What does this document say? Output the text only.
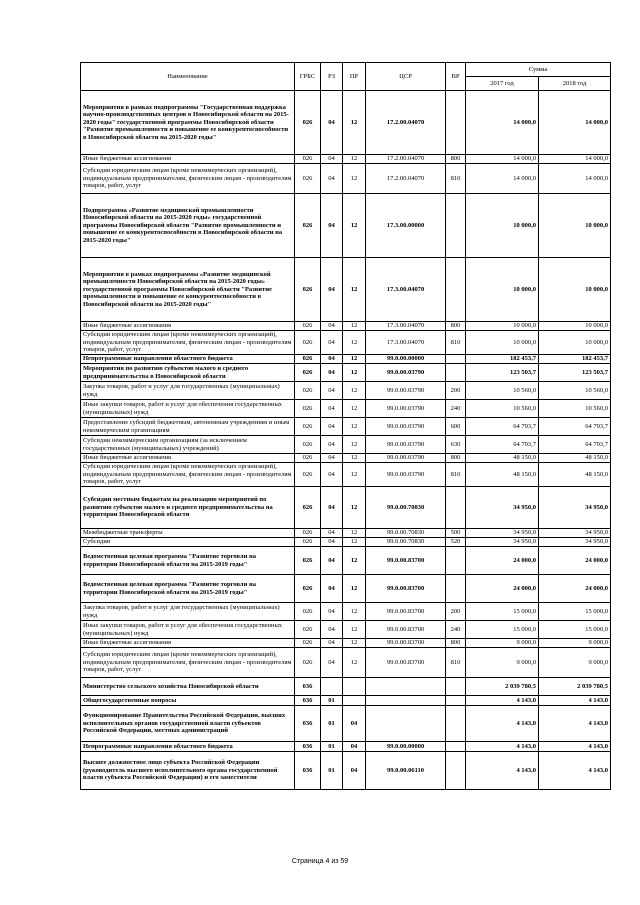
Наименование	ГРБС	РЗ	ПР	ЦСР	ВР	Сумма	
						2017 год	2018 год
Мероприятия в рамках подпрограммы "Государственная поддержка научно-производственных центров в Новосибирской области на 2015-2020 годы" государственной программы Новосибирской области "Развитие промышленности и повышение ее конкурентоспособности в Новосибирской области на 2015-2020 годы"	026	04	12	17.2.00.04070		14 000,0	14 000,0
Иные бюджетные ассигнования	026	04	12	17.2.00.04070	800	14 000,0	14 000,0
Субсидии юридическим лицам (кроме некоммерческих организаций), индивидуальным предпринимателям, физическим лицам - производителям товаров, работ, услуг	026	04	12	17.2.00.04070	810	14 000,0	14 000,0
Подпрограмма «Развитие медицинской промышленности Новосибирской области на 2015-2020 годы» государственной программы Новосибирской области "Развитие промышленности и повышение ее конкурентоспособности в Новосибирской области на 2015-2020 годы"	026	04	12	17.3.00.00000		10 000,0	10 000,0
Мероприятия в рамках подпрограммы «Развитие медицинской промышленности Новосибирской области на 2015-2020 годы» государственной программы Новосибирской области "Развитие промышленности и повышение ее конкурентоспособности в Новосибирской области на 2015-2020 годы"	026	04	12	17.3.00.04070		10 000,0	10 000,0
Иные бюджетные ассигнования	026	04	12	17.3.00.04070	800	10 000,0	10 000,0
Субсидии юридическим лицам (кроме некоммерческих организаций), индивидуальным предпринимателям, физическим лицам - производителям товаров, работ, услуг	026	04	12	17.3.00.04070	810	10 000,0	10 000,0
Непрограммные направления областного бюджета	026	04	12	99.0.00.00000		182 453,7	182 453,7
Мероприятия по развитию субъектов малого и среднего предпринимательства в Новосибирской области	026	04	12	99.0.00.03790		123 503,7	123 503,7
Закупка товаров, работ и услуг для государственных (муниципальных) нужд	026	04	12	99.0.00.03790	200	10 560,0	10 560,0
Иные закупки товаров, работ и услуг для обеспечения государственных (муниципальных) нужд	026	04	12	99.0.00.03790	240	10 560,0	10 560,0
Предоставление субсидий бюджетным, автономным учреждениям и иным некоммерческим организациям	026	04	12	99.0.00.03790	600	64 793,7	64 793,7
Субсидии некоммерческим организациям (за исключением государственных (муниципальных) учреждений)	026	04	12	99.0.00.03790	630	64 793,7	64 793,7
Иные бюджетные ассигнования	026	04	12	99.0.00.03790	800	48 150,0	48 150,0
Субсидии юридическим лицам (кроме некоммерческих организаций), индивидуальным предпринимателям, физическим лицам - производителям товаров, работ, услуг	026	04	12	99.0.00.03790	810	48 150,0	48 150,0
Субсидии местным бюджетам на реализацию мероприятий по развитию субъектов малого и среднего предпринимательства на территории Новосибирской области	026	04	12	99.0.00.70830		34 950,0	34 950,0
Межбюджетные трансферты	026	04	12	99.0.00.70830	500	34 950,0	34 950,0
Субсидии	026	04	12	99.0.00.70830	520	34 950,0	34 950,0
Ведомственная целевая программа "Развитие торговли на территории Новосибирской области на 2015-2019 годы"	026	04	12	99.0.00.83700		24 000,0	24 000,0
Ведомственная целевая программа "Развитие торговли на территории Новосибирской области на 2015-2019 годы"	026	04	12	99.0.00.83700		24 000,0	24 000,0
Закупка товаров, работ и услуг для государственных (муниципальных) нужд	026	04	12	99.0.00.83700	200	15 000,0	15 000,0
Иные закупки товаров, работ и услуг для обеспечения государственных (муниципальных) нужд	026	04	12	99.0.00.83700	240	15 000,0	15 000,0
Иные бюджетные ассигнования	026	04	12	99.0.00.83700	800	9 000,0	9 000,0
Субсидии юридическим лицам (кроме некоммерческих организаций), индивидуальным предпринимателям, физическим лицам - производителям товаров, работ, услуг	026	04	12	99.0.00.83700	810	9 000,0	9 000,0
Министерство сельского хозяйства Новосибирской области	036					2 039 780,5	2 039 780,5
Общегосударственные вопросы	036	01				4 143,0	4 143,0
Функционирование Правительства Российской Федерации, высших исполнительных органов государственной власти субъектов Российской Федерации, местных администраций	036	01	04			4 143,0	4 143,0
Непрограммные направления областного бюджета	036	01	04	99.0.00.00000		4 143,0	4 143,0
Высшее должностное лицо субъекта Российской Федерации (руководитель высшего исполнительного органа государственной власти субъекта Российской Федерации) и его заместители	036	01	04	99.0.00.06110		4 143,0	4 143,0
Страница 4 из 59
